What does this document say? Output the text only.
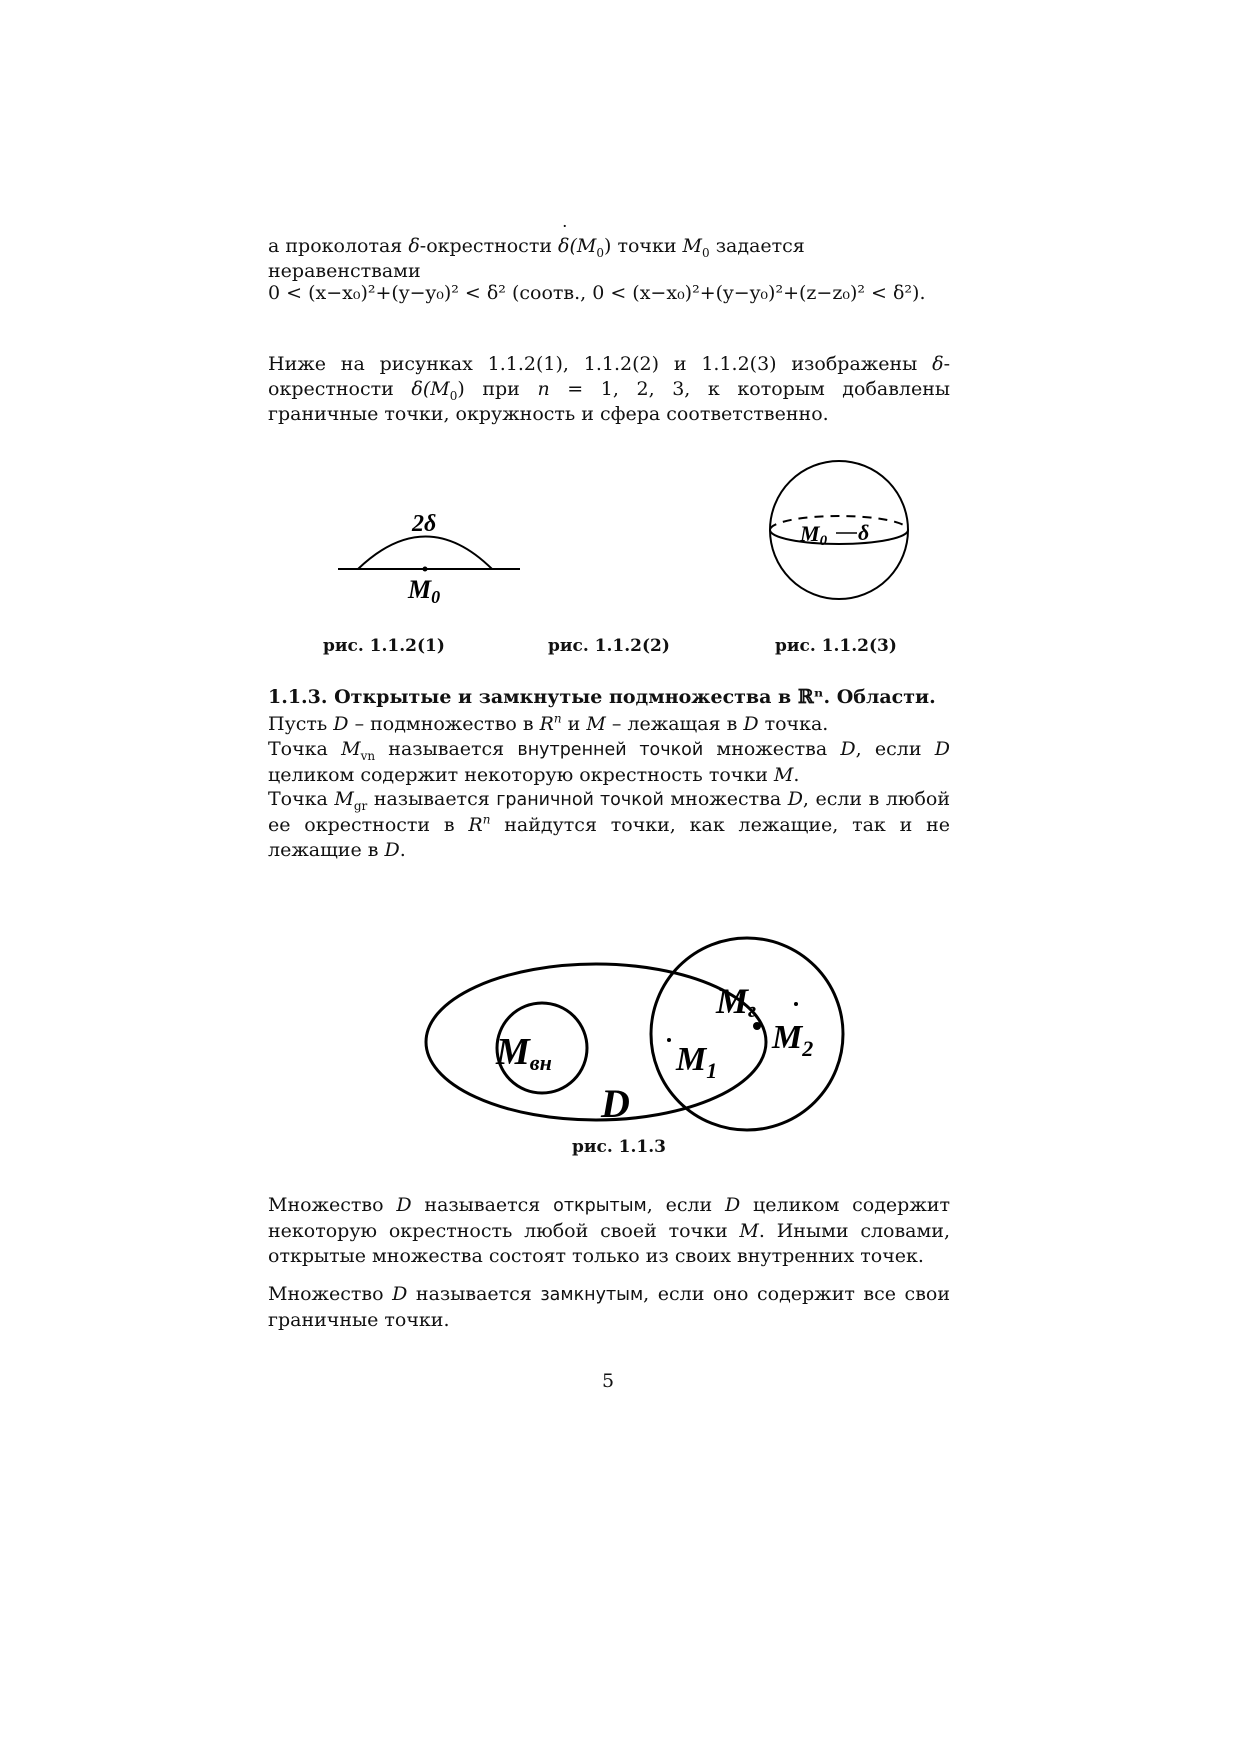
а проколотая δ-окрестности ˙ $\delta(M_0)$ точки $M_0$ задается неравенствами

0 < (x−x₀)²+(y−y₀)² < δ² (соотв., 0 < (x−x₀)²+(y−y₀)²+(z−z₀)² < δ²).

Ниже на рисунках 1.1.2(1), 1.1.2(2) и 1.1.2(3) изображены δ-окрестности ˙ $\delta(M_0)$ при n = 1, 2, 3, к которым добавлены граничные точки, окружность и сфера соответственно.

2δ
M0
M0 δ
Mвн
D
Mг
$M_1$
$M_2$
рис. 1.1.2(1)	рис. 1.1.2(2)	рис. 1.1.2(3)

1.1.3. Открытые и замкнутые подмножества в ℝⁿ. Области.

Пусть D – подмножество в $R^n$ и M – лежащая в D точка.

Точка $M_{vn}$ называется внутренней точкой множества D, если D целиком содержит некоторую окрестность точки M.

Точка $M_{gr}$ называется граничной точкой множества D, если в любой ее окрестности в $R^n$ найдутся точки, как лежащие, так и не лежащие в D.

рис. 1.1.3

Множество D называется открытым, если D целиком содержит некоторую окрестность любой своей точки M. Иными словами, открытые множества состоят только из своих внутренних точек.

Множество D называется замкнутым, если оно содержит все свои граничные точки.

5
